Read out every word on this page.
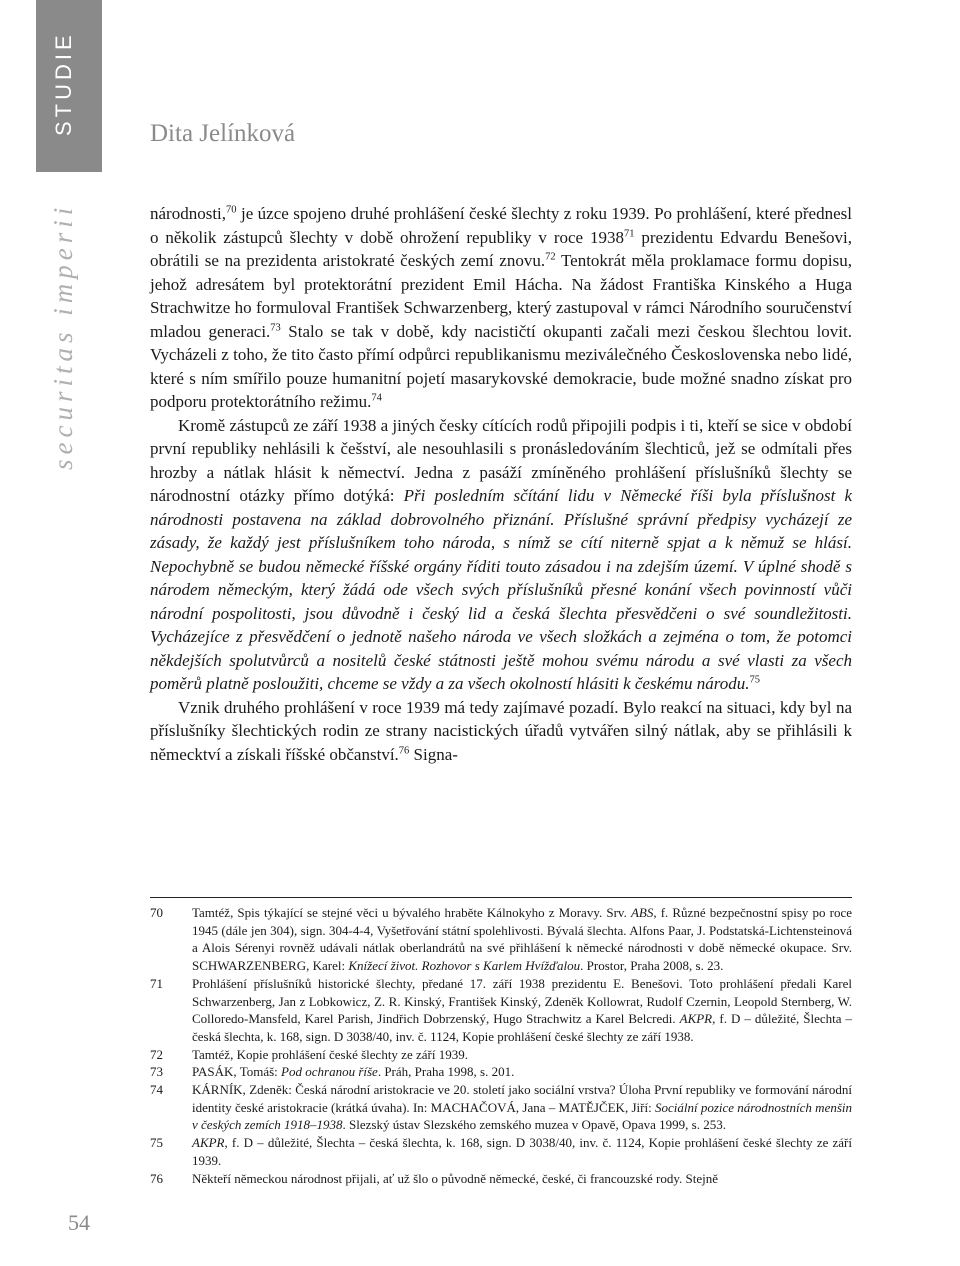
STUDIE	Dita Jelínková
securitas imperii
54

národnosti,$^{70}$ je úzce spojeno druhé prohlášení české šlechty z roku 1939. Po prohlášení, které přednesl o několik zástupců šlechty v době ohrožení republiky v roce 1938$^{71}$ prezidentu Edvardu Benešovi, obrátili se na prezidenta aristokraté českých zemí znovu.$^{72}$ Tentokrát měla proklamace formu dopisu, jehož adresátem byl protektorátní prezident Emil Hácha. Na žádost Františka Kinského a Huga Strachwitze ho formuloval František Schwarzenberg, který zastupoval v rámci Národního souručenství mladou generaci.$^{73}$ Stalo se tak v době, kdy nacističtí okupanti začali mezi českou šlechtou lovit. Vycházeli z toho, že tito často přímí odpůrci republikanismu meziválečného Československa nebo lidé, které s ním smířilo pouze humanitní pojetí masarykovské demokracie, bude možné snadno získat pro podporu protektorátního režimu.$^{74}$

Kromě zástupců ze září 1938 a jiných česky cítících rodů připojili podpis i ti, kteří se sice v období první republiky nehlásili k češství, ale nesouhlasili s pronásledováním šlechticů, jež se odmítali přes hrozby a nátlak hlásit k němectví. Jedna z pasáží zmíněného prohlášení příslušníků šlechty se národnostní otázky přímo dotýká: Při posledním sčítání lidu v Německé říši byla příslušnost k národnosti postavena na základ dobrovolného přiznání. Příslušné správní předpisy vycházejí ze zásady, že každý jest příslušníkem toho národa, s nímž se cítí niterně spjat a k němuž se hlásí. Nepochybně se budou německé říšské orgány říditi touto zásadou i na zdejším území. V úplné shodě s národem německým, který žádá ode všech svých příslušníků přesné konání všech povinností vůči národní pospolitosti, jsou důvodně i český lid a česká šlechta přesvědčeni o své soundležitosti. Vycházejíce z přesvědčení o jednotě našeho národa ve všech složkách a zejména o tom, že potomci někdejších spolutvůrců a nositelů české státnosti ještě mohou svému národu a své vlasti za všech poměrů platně posloužiti, chceme se vždy a za všech okolností hlásiti k českému národu.$^{75}$

Vznik druhého prohlášení v roce 1939 má tedy zajímavé pozadí. Bylo reakcí na situaci, kdy byl na příslušníky šlechtických rodin ze strany nacistických úřadů vytvářen silný nátlak, aby se přihlásili k německtví a získali říšské občanství.$^{76}$ Signa-

70	Tamtéž, Spis týkající se stejné věci u bývalého hraběte Kálnokyho z Moravy. Srv. ABS, f. Různé bezpečnostní spisy po roce 1945 (dále jen 304), sign. 304-4-4, Vyšetřování státní spolehlivosti. Bývalá šlechta. Alfons Paar, J. Podstatská-Lichtensteinová a Alois Sérenyi rovněž udávali nátlak oberlandrátů na své přihlášení k německé národnosti v době německé okupace. Srv. SCHWARZENBERG, Karel: Knížecí život. Rozhovor s Karlem Hvížďalou. Prostor, Praha 2008, s. 23.
71	Prohlášení příslušníků historické šlechty, předané 17. září 1938 prezidentu E. Benešovi. Toto prohlášení předali Karel Schwarzenberg, Jan z Lobkowicz, Z. R. Kinský, František Kinský, Zdeněk Kollowrat, Rudolf Czernin, Leopold Sternberg, W. Colloredo-Mansfeld, Karel Parish, Jindřich Dobrzenský, Hugo Strachwitz a Karel Belcredi. AKPR, f. D – důležité, Šlechta – česká šlechta, k. 168, sign. D 3038/40, inv. č. 1124, Kopie prohlášení české šlechty ze září 1938.
72	Tamtéž, Kopie prohlášení české šlechty ze září 1939.
73	PASÁK, Tomáš: Pod ochranou říše. Práh, Praha 1998, s. 201.
74	KÁRNÍK, Zdeněk: Česká národní aristokracie ve 20. století jako sociální vrstva? Úloha První republiky ve formování národní identity české aristokracie (krátká úvaha). In: MACHAČOVÁ, Jana – MATĚJČEK, Jiří: Sociální pozice národnostních menšin v českých zemích 1918–1938. Slezský ústav Slezského zemského muzea v Opavě, Opava 1999, s. 253.
75	AKPR, f. D – důležité, Šlechta – česká šlechta, k. 168, sign. D 3038/40, inv. č. 1124, Kopie prohlášení české šlechty ze září 1939.
76	Někteří německou národnost přijali, ať už šlo o původně německé, české, či francouzské rody. Stejně
